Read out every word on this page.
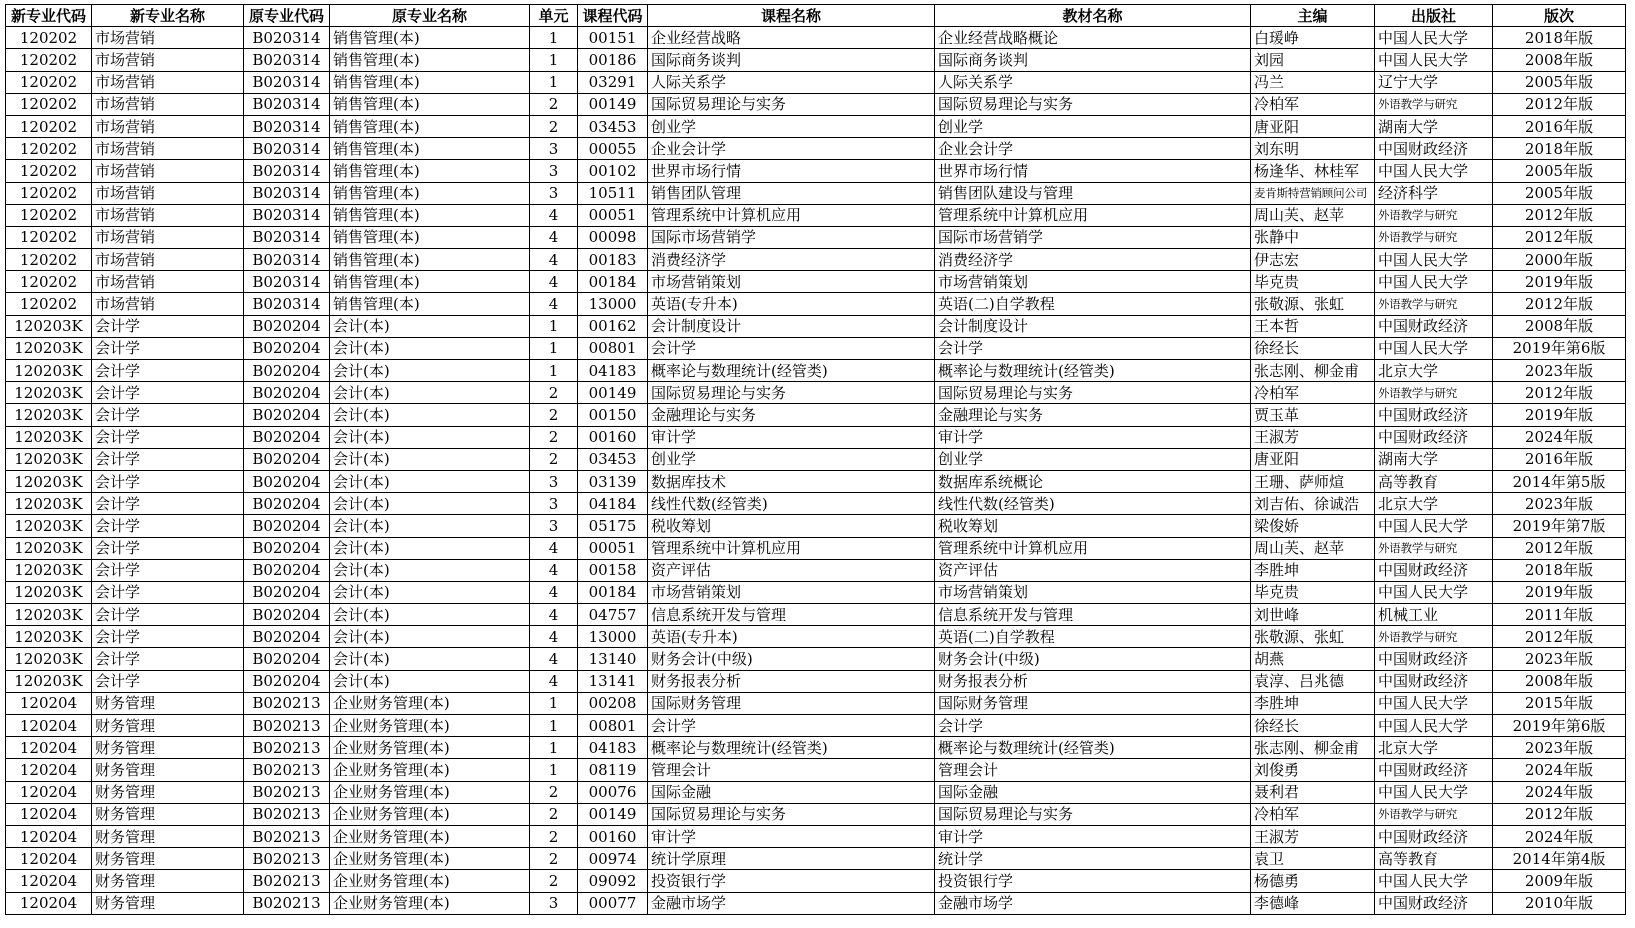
新专业代码	新专业名称	原专业代码	原专业名称	单元	课程代码	课程名称	教材名称	主编	出版社	版次
120202	市场营销	B020314	销售管理(本)	1	00151	企业经营战略	企业经营战略概论	白瑗峥	中国人民大学	2018年版
120202	市场营销	B020314	销售管理(本)	1	00186	国际商务谈判	国际商务谈判	刘园	中国人民大学	2008年版
120202	市场营销	B020314	销售管理(本)	1	03291	人际关系学	人际关系学	冯兰	辽宁大学	2005年版
120202	市场营销	B020314	销售管理(本)	2	00149	国际贸易理论与实务	国际贸易理论与实务	冷柏军	外语教学与研究	2012年版
120202	市场营销	B020314	销售管理(本)	2	03453	创业学	创业学	唐亚阳	湖南大学	2016年版
120202	市场营销	B020314	销售管理(本)	3	00055	企业会计学	企业会计学	刘东明	中国财政经济	2018年版
120202	市场营销	B020314	销售管理(本)	3	00102	世界市场行情	世界市场行情	杨逢华、林桂军	中国人民大学	2005年版
120202	市场营销	B020314	销售管理(本)	3	10511	销售团队管理	销售团队建设与管理	麦肯斯特营销顾问公司	经济科学	2005年版
120202	市场营销	B020314	销售管理(本)	4	00051	管理系统中计算机应用	管理系统中计算机应用	周山芙、赵苹	外语教学与研究	2012年版
120202	市场营销	B020314	销售管理(本)	4	00098	国际市场营销学	国际市场营销学	张静中	外语教学与研究	2012年版
120202	市场营销	B020314	销售管理(本)	4	00183	消费经济学	消费经济学	伊志宏	中国人民大学	2000年版
120202	市场营销	B020314	销售管理(本)	4	00184	市场营销策划	市场营销策划	毕克贵	中国人民大学	2019年版
120202	市场营销	B020314	销售管理(本)	4	13000	英语(专升本)	英语(二)自学教程	张敬源、张虹	外语教学与研究	2012年版
120203K	会计学	B020204	会计(本)	1	00162	会计制度设计	会计制度设计	王本哲	中国财政经济	2008年版
120203K	会计学	B020204	会计(本)	1	00801	会计学	会计学	徐经长	中国人民大学	2019年第6版
120203K	会计学	B020204	会计(本)	1	04183	概率论与数理统计(经管类)	概率论与数理统计(经管类)	张志刚、柳金甫	北京大学	2023年版
120203K	会计学	B020204	会计(本)	2	00149	国际贸易理论与实务	国际贸易理论与实务	冷柏军	外语教学与研究	2012年版
120203K	会计学	B020204	会计(本)	2	00150	金融理论与实务	金融理论与实务	贾玉革	中国财政经济	2019年版
120203K	会计学	B020204	会计(本)	2	00160	审计学	审计学	王淑芳	中国财政经济	2024年版
120203K	会计学	B020204	会计(本)	2	03453	创业学	创业学	唐亚阳	湖南大学	2016年版
120203K	会计学	B020204	会计(本)	3	03139	数据库技术	数据库系统概论	王珊、萨师煊	高等教育	2014年第5版
120203K	会计学	B020204	会计(本)	3	04184	线性代数(经管类)	线性代数(经管类)	刘吉佑、徐诚浩	北京大学	2023年版
120203K	会计学	B020204	会计(本)	3	05175	税收筹划	税收筹划	梁俊娇	中国人民大学	2019年第7版
120203K	会计学	B020204	会计(本)	4	00051	管理系统中计算机应用	管理系统中计算机应用	周山芙、赵苹	外语教学与研究	2012年版
120203K	会计学	B020204	会计(本)	4	00158	资产评估	资产评估	李胜坤	中国财政经济	2018年版
120203K	会计学	B020204	会计(本)	4	00184	市场营销策划	市场营销策划	毕克贵	中国人民大学	2019年版
120203K	会计学	B020204	会计(本)	4	04757	信息系统开发与管理	信息系统开发与管理	刘世峰	机械工业	2011年版
120203K	会计学	B020204	会计(本)	4	13000	英语(专升本)	英语(二)自学教程	张敬源、张虹	外语教学与研究	2012年版
120203K	会计学	B020204	会计(本)	4	13140	财务会计(中级)	财务会计(中级)	胡燕	中国财政经济	2023年版
120203K	会计学	B020204	会计(本)	4	13141	财务报表分析	财务报表分析	袁淳、吕兆德	中国财政经济	2008年版
120204	财务管理	B020213	企业财务管理(本)	1	00208	国际财务管理	国际财务管理	李胜坤	中国人民大学	2015年版
120204	财务管理	B020213	企业财务管理(本)	1	00801	会计学	会计学	徐经长	中国人民大学	2019年第6版
120204	财务管理	B020213	企业财务管理(本)	1	04183	概率论与数理统计(经管类)	概率论与数理统计(经管类)	张志刚、柳金甫	北京大学	2023年版
120204	财务管理	B020213	企业财务管理(本)	1	08119	管理会计	管理会计	刘俊勇	中国财政经济	2024年版
120204	财务管理	B020213	企业财务管理(本)	2	00076	国际金融	国际金融	聂利君	中国人民大学	2024年版
120204	财务管理	B020213	企业财务管理(本)	2	00149	国际贸易理论与实务	国际贸易理论与实务	冷柏军	外语教学与研究	2012年版
120204	财务管理	B020213	企业财务管理(本)	2	00160	审计学	审计学	王淑芳	中国财政经济	2024年版
120204	财务管理	B020213	企业财务管理(本)	2	00974	统计学原理	统计学	袁卫	高等教育	2014年第4版
120204	财务管理	B020213	企业财务管理(本)	2	09092	投资银行学	投资银行学	杨德勇	中国人民大学	2009年版
120204	财务管理	B020213	企业财务管理(本)	3	00077	金融市场学	金融市场学	李德峰	中国财政经济	2010年版
